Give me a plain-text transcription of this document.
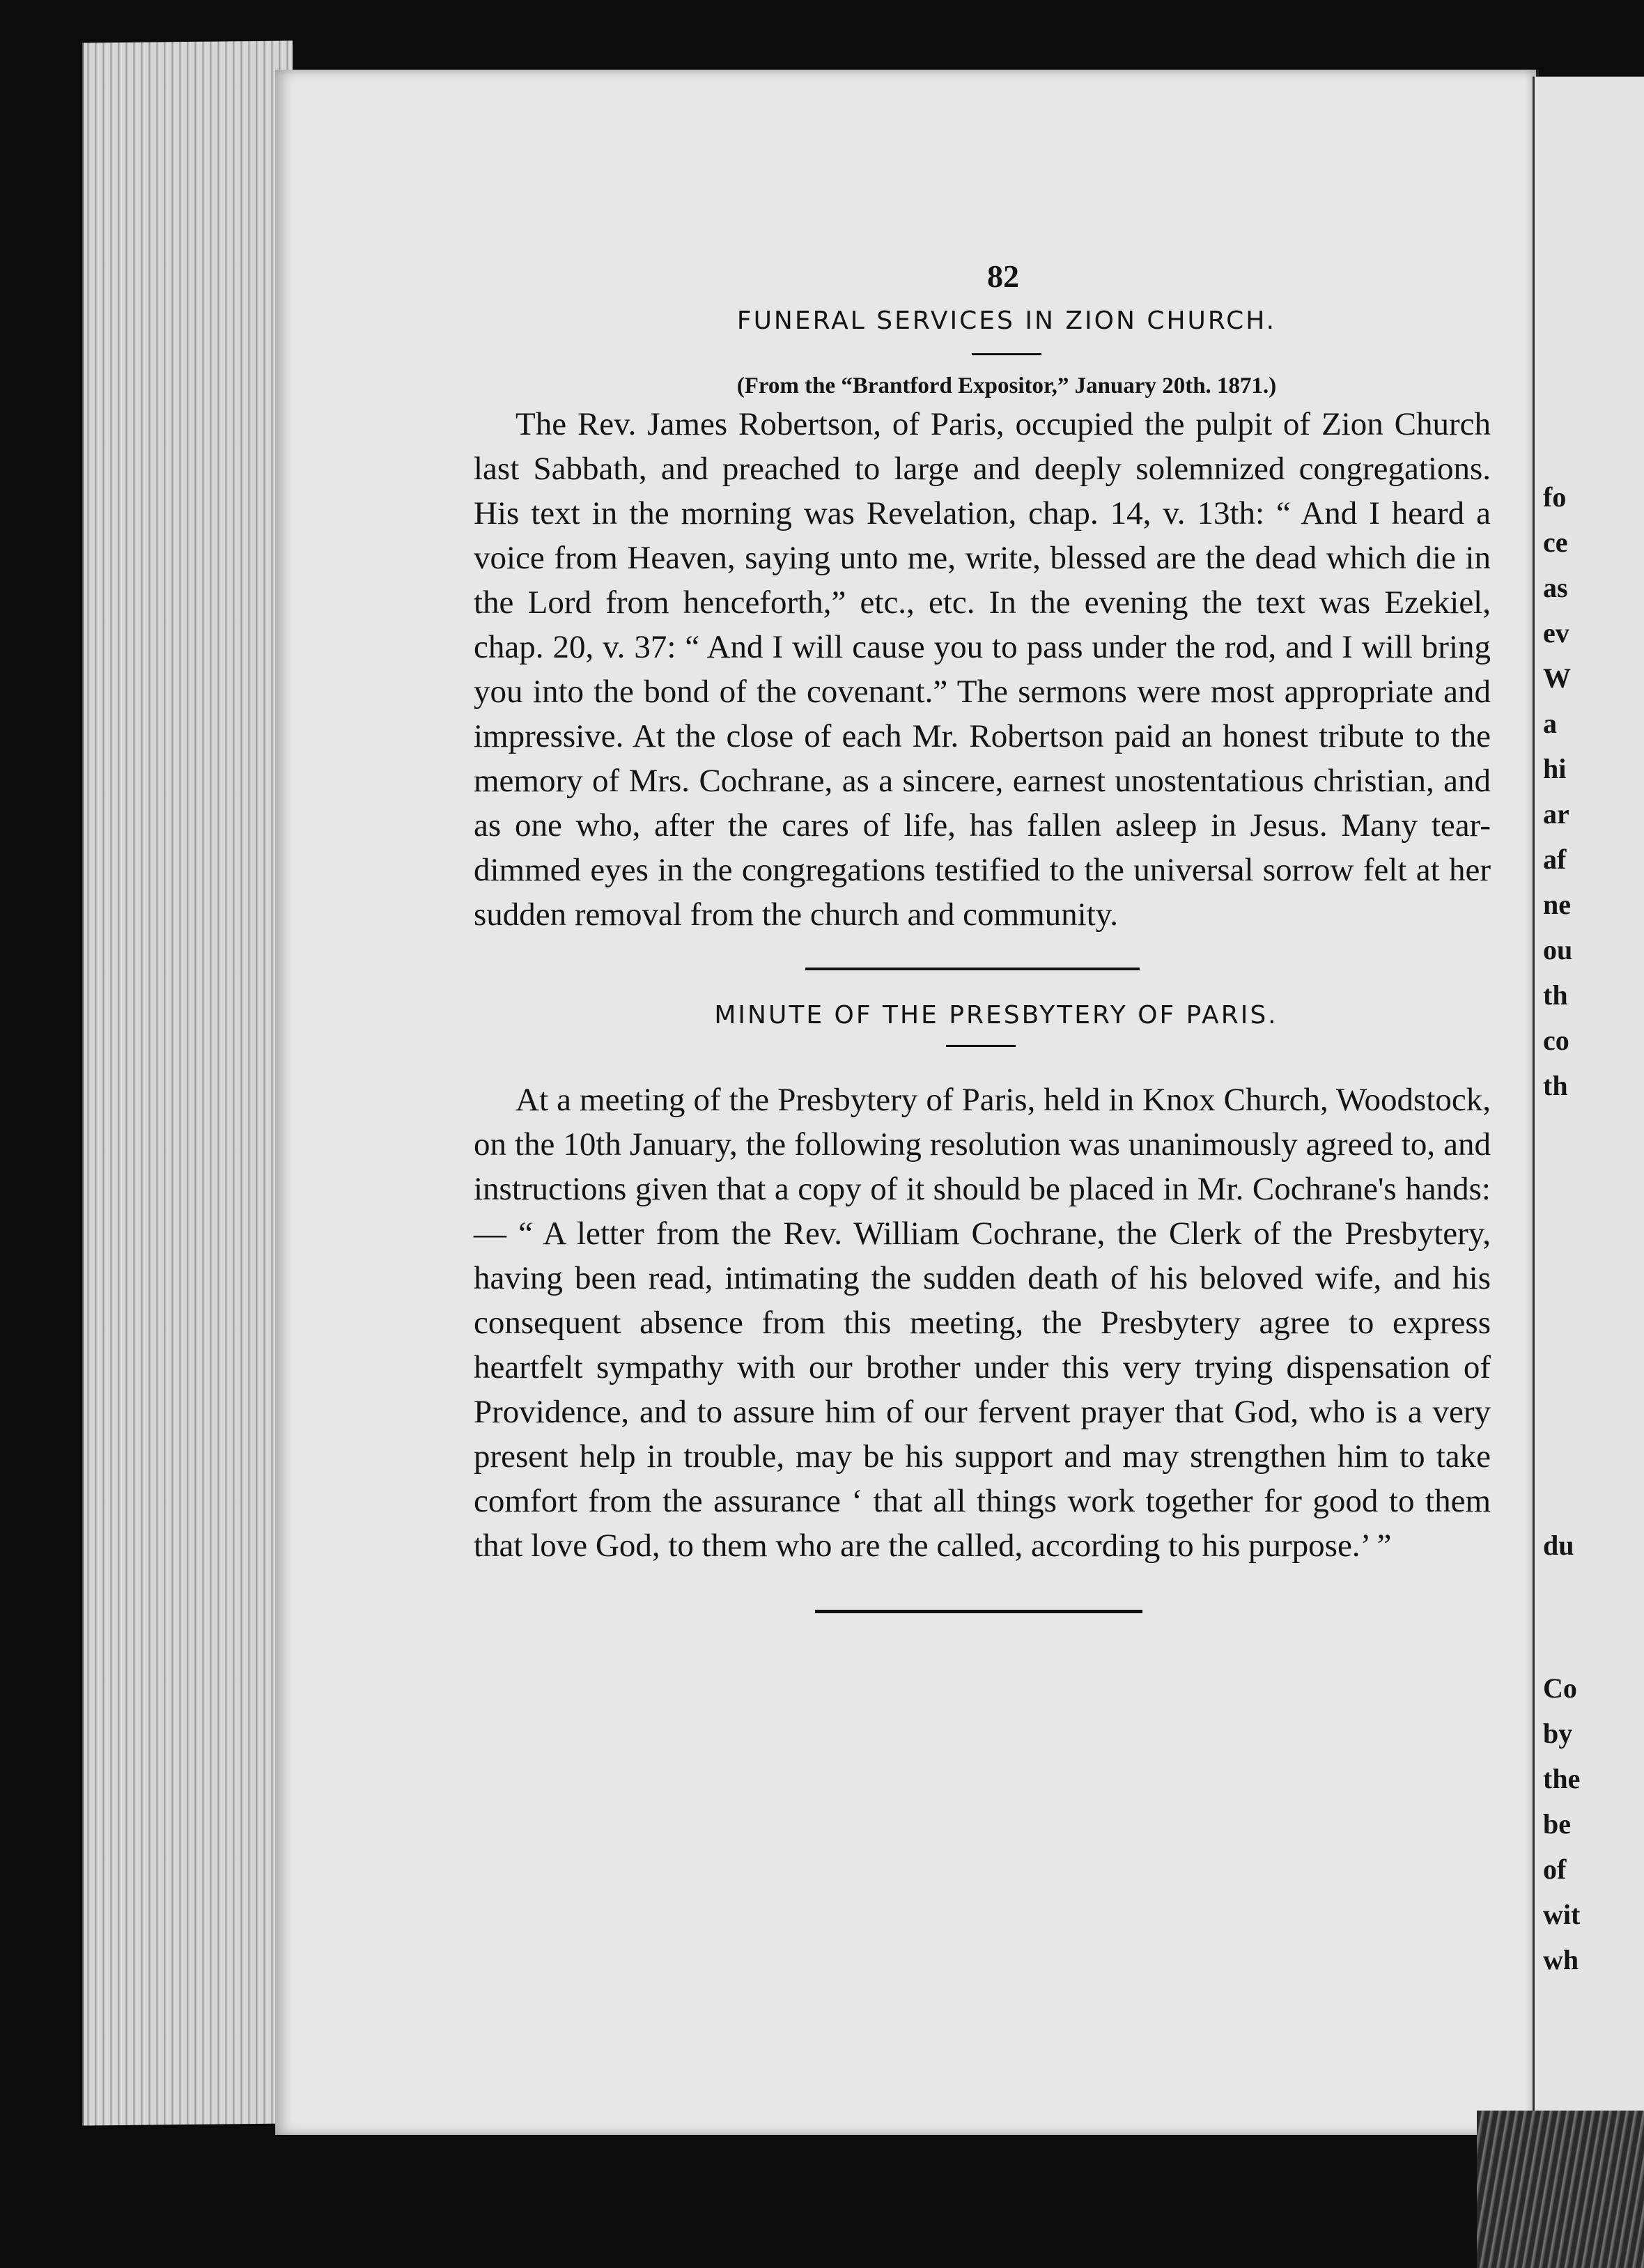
fo
ce
as
ev
W
a
hi
ar
af
ne
ou
th
co
th
du
Co
by
the
be
of
wit
wh
82
FUNERAL SERVICES IN ZION CHURCH.
(From the “Brantford Expositor,” January 20th. 1871.)

The Rev. James Robertson, of Paris, occupied the pulpit of Zion Church last Sabbath, and preached to large and deeply solemnized congregations. His text in the morning was Revelation, chap. 14, v. 13th: “ And I heard a voice from Heaven, saying unto me, write, blessed are the dead which die in the Lord from henceforth,” etc., etc. In the evening the text was Ezekiel, chap. 20, v. 37: “ And I will cause you to pass under the rod, and I will bring you into the bond of the covenant.” The sermons were most appropriate and impressive. At the close of each Mr. Robertson paid an honest tribute to the memory of Mrs. Cochrane, as a sincere, earnest unostentatious christian, and as one who, after the cares of life, has fallen asleep in Jesus. Many tear-dimmed eyes in the congregations testified to the universal sorrow felt at her sudden removal from the church and community.

MINUTE OF THE PRESBYTERY OF PARIS.

At a meeting of the Presbytery of Paris, held in Knox Church, Woodstock, on the 10th January, the following resolution was unanimously agreed to, and instructions given that a copy of it should be placed in Mr. Cochrane's hands:— “ A letter from the Rev. William Cochrane, the Clerk of the Presbytery, having been read, intimating the sudden death of his beloved wife, and his consequent absence from this meeting, the Presbytery agree to express heartfelt sympathy with our brother under this very trying dispensation of Providence, and to assure him of our fervent prayer that God, who is a very present help in trouble, may be his support and may strengthen him to take comfort from the assurance ‘ that all things work together for good to them that love God, to them who are the called, according to his purpose.’ ”
